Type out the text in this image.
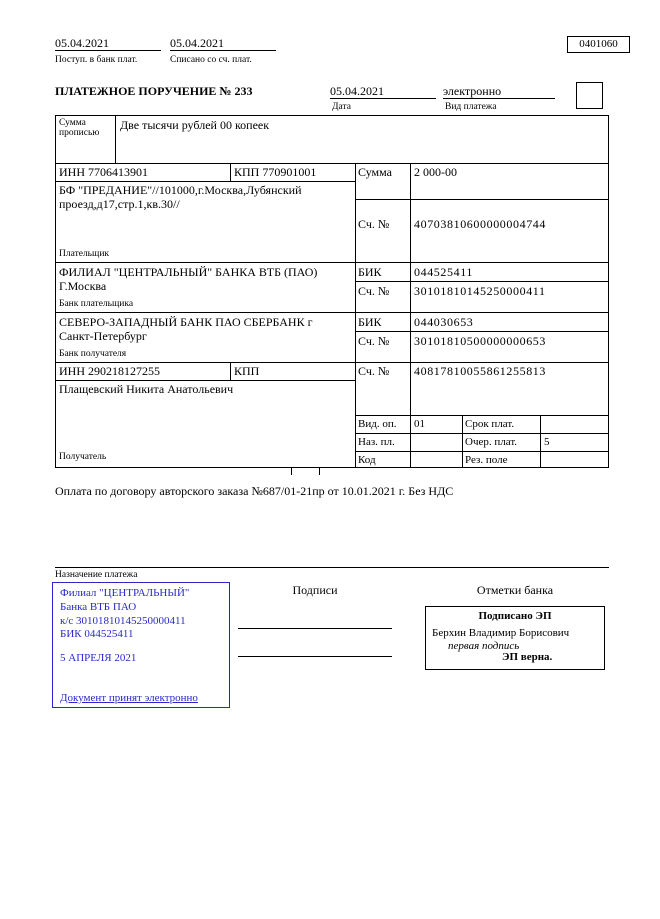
05.04.2021
Поступ. в банк плат.
05.04.2021
Списано со сч. плат.
0401060
ПЛАТЕЖНОЕ ПОРУЧЕНИЕ № 233	05.04.2021
Дата
электронно
Вид платежа
Сумма прописью
Две тысячи рублей 00 копеек
ИНН 7706413901	КПП 770901001	Сумма 2 000-00
БФ "ПРЕДАНИЕ"//101000,г.Москва,Лубянский проезд,д17,стр.1,кв.30//
Сч. № 40703810600000004744
Плательщик
ФИЛИАЛ "ЦЕНТРАЛЬНЫЙ" БАНКА ВТБ (ПАО) Г.Москва
БИК	044525411
Сч. № 30101810145250000411
Банк плательщика
СЕВЕРО-ЗАПАДНЫЙ БАНК ПАО СБЕРБАНК г Санкт-Петербург
БИК	044030653
Сч. № 30101810500000000653
Банк получателя
ИНН 290218127255	КПП	Сч. № 40817810055861255813
Плащевский Никита Анатольевич
Получатель
Вид. оп. 01	Срок плат.
Наз. пл.	Очер. плат. 5
Код	Рез. поле
Оплата по договору авторского заказа №687/01-21пр от 10.01.2021 г. Без НДС
Назначение платежа
Филиал "ЦЕНТРАЛЬНЫЙ" Банка ВТБ ПАО
к/с 30101810145250000411
БИК 044525411
5 АПРЕЛЯ 2021
Документ принят электронно
Подписи	Отметки банка
Подписано ЭП
Берхин Владимир Борисович
первая подпись
ЭП верна.
